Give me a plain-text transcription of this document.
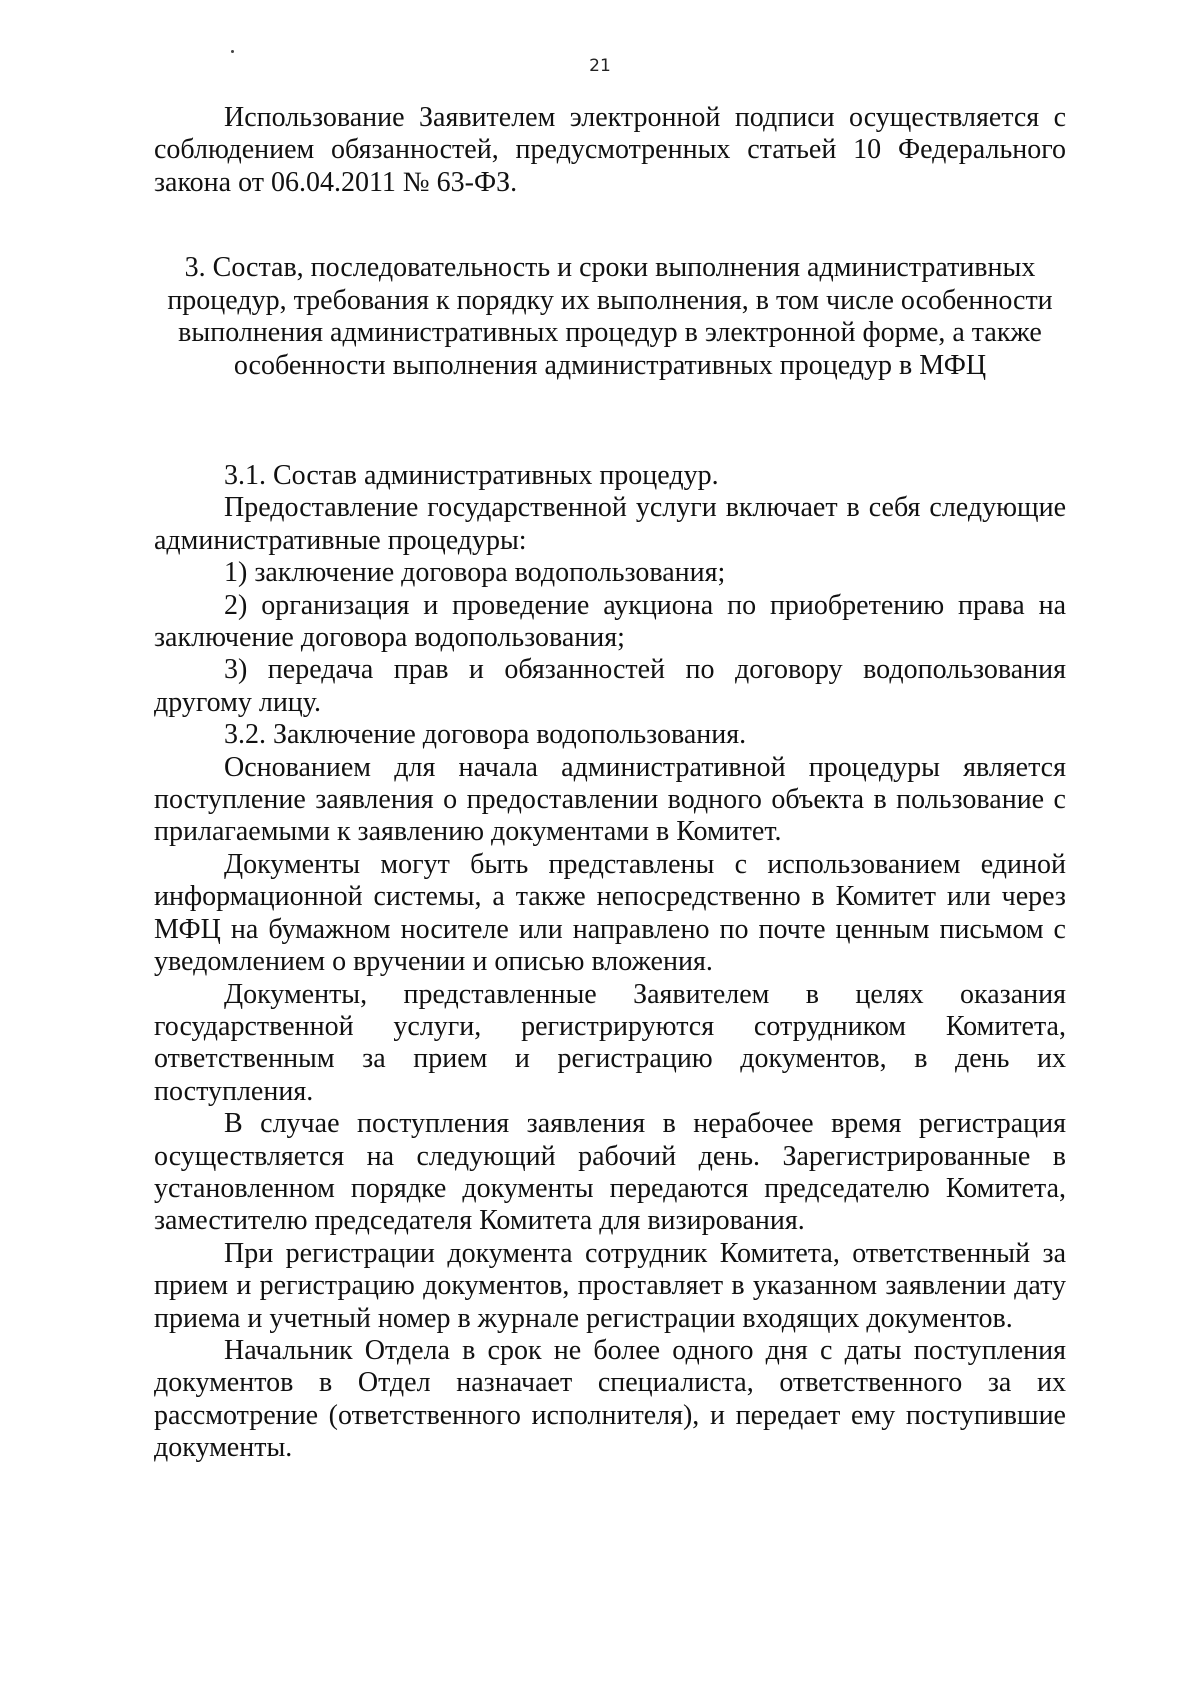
21

Использование Заявителем электронной подписи осуществляется с соблюдением обязанностей, предусмотренных статьей 10 Федерального закона от 06.04.2011 № 63-ФЗ.

3. Состав, последовательность и сроки выполнения административных процедур, требования к порядку их выполнения, в том числе особенности выполнения административных процедур в электронной форме, а также особенности выполнения административных процедур в МФЦ

3.1. Состав административных процедур.

Предоставление государственной услуги включает в себя следующие административные процедуры:

1) заключение договора водопользования;

2) организация и проведение аукциона по приобретению права на заключение договора водопользования;

3) передача прав и обязанностей по договору водопользования другому лицу.

3.2. Заключение договора водопользования.

Основанием для начала административной процедуры является поступление заявления о предоставлении водного объекта в пользование с прилагаемыми к заявлению документами в Комитет.

Документы могут быть представлены с использованием единой информационной системы, а также непосредственно в Комитет или через МФЦ на бумажном носителе или направлено по почте ценным письмом с уведомлением о вручении и описью вложения.

Документы, представленные Заявителем в целях оказания государственной услуги, регистрируются сотрудником Комитета, ответственным за прием и регистрацию документов, в день их поступления.

В случае поступления заявления в нерабочее время регистрация осуществляется на следующий рабочий день. Зарегистрированные в установленном порядке документы передаются председателю Комитета, заместителю председателя Комитета для визирования.

При регистрации документа сотрудник Комитета, ответственный за прием и регистрацию документов, проставляет в указанном заявлении дату приема и учетный номер в журнале регистрации входящих документов.

Начальник Отдела в срок не более одного дня с даты поступления документов в Отдел назначает специалиста, ответственного за их рассмотрение (ответственного исполнителя), и передает ему поступившие документы.
